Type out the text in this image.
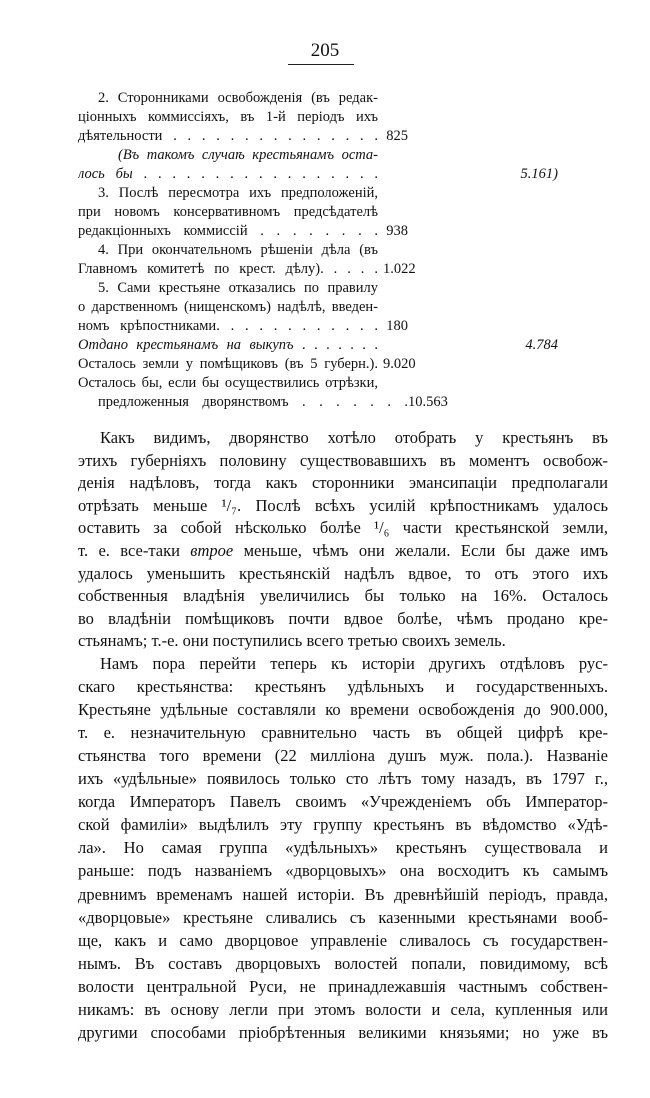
205
2. Сторонниками освобожденія (въ редак-
ціонныхъ коммиссіяхъ, въ 1-й періодъ ихъ
дѣятельности . . . . . . . . . . . . . . . 825
(Въ такомъ случаѣ крестьянамъ оста-
лось бы . . . . . . . . . . . . . . . . .	5.161)
3. Послѣ пересмотра ихъ предположеній,
при новомъ консервативномъ предсѣдателѣ
редакціонныхъ коммиссій . . . . . . . . 938
4. При окончательномъ рѣшеніи дѣла (въ
Главномъ комитетѣ по крест. дѣлу). . . . . 1.022
5. Сами крестьяне отказались по правилу
о дарственномъ (нищенскомъ) надѣлѣ, введен-
номъ крѣпостниками. . . . . . . . . . . . 180
Отдано крестьянамъ на выкупъ . . . . . . .	4.784
Осталось земли у помѣщиковъ (въ 5 губерн.). 9.020
Осталось бы, если бы осуществились отрѣзки,
предложенныя дворянствомъ . . . . . . . 10.563
Какъ видимъ, дворянство хотѣло отобрать у крестьянъ въ
этихъ губерніяхъ половину существовавшихъ въ моментъ освобож-
денія надѣловъ, тогда какъ сторонники эмансипаціи предполагали
отрѣзать меньше ¹/₇. Послѣ всѣхъ усилій крѣпостникамъ удалось
оставить за собой нѣсколько болѣе ¹/₆ части крестьянской земли,
т. е. все-таки втрое меньше, чѣмъ они желали. Если бы даже имъ
удалось уменьшить крестьянскій надѣлъ вдвое, то отъ этого ихъ
собственныя владѣнія увеличились бы только на 16%. Осталось
во владѣніи помѣщиковъ почти вдвое болѣе, чѣмъ продано кре-
стьянамъ; т.-е. они поступились всего третью своихъ земель.
Намъ пора перейти теперь къ исторіи другихъ отдѣловъ рус-
скаго крестьянства: крестьянъ удѣльныхъ и государственныхъ.
Крестьяне удѣльные составляли ко времени освобожденія до 900.000,
т. е. незначительную сравнительно часть въ общей цифрѣ кре-
стьянства того времени (22 милліона душъ муж. пола.). Названіе
ихъ «удѣльные» появилось только сто лѣтъ тому назадъ, въ 1797 г.,
когда Императоръ Павелъ своимъ «Учрежденіемъ объ Император-
ской фамиліи» выдѣлилъ эту группу крестьянъ въ вѣдомство «Удѣ-
ла». Но самая группа «удѣльныхъ» крестьянъ существовала и
раньше: подъ названіемъ «дворцовыхъ» она восходитъ къ самымъ
древнимъ временамъ нашей исторіи. Въ древнѣйшій періодъ, правда,
«дворцовые» крестьяне сливались съ казенными крестьянами вооб-
ще, какъ и само дворцовое управленіе сливалось съ государствен-
нымъ. Въ составъ дворцовыхъ волостей попали, повидимому, всѣ
волости центральной Руси, не принадлежавшія частнымъ собствен-
никамъ: въ основу легли при этомъ волости и села, купленныя или
другими способами пріобрѣтенныя великими князьями; но уже въ
